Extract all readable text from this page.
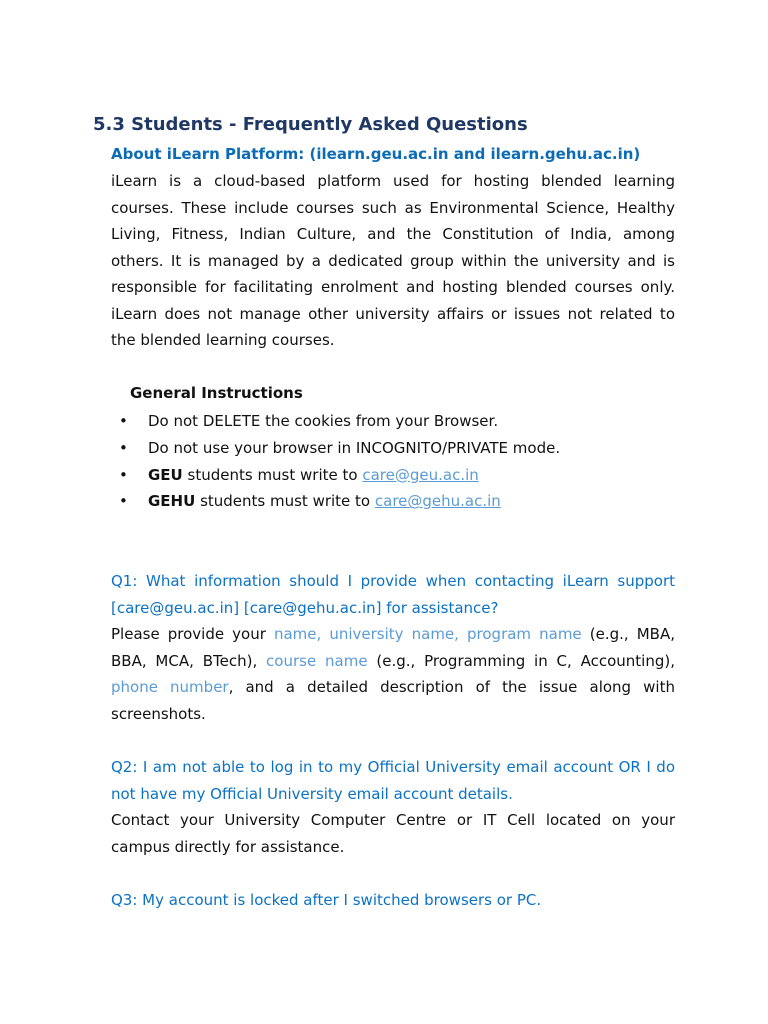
5.3 Students - Frequently Asked Questions
About iLearn Platform: (ilearn.geu.ac.in and ilearn.gehu.ac.in)

iLearn is a cloud-based platform used for hosting blended learning courses. These include courses such as Environmental Science, Healthy Living, Fitness, Indian Culture, and the Constitution of India, among others. It is managed by a dedicated group within the university and is responsible for facilitating enrolment and hosting blended courses only. iLearn does not manage other university affairs or issues not related to the blended learning courses.

General Instructions
• Do not DELETE the cookies from your Browser.
• Do not use your browser in INCOGNITO/PRIVATE mode.
• GEU students must write to care@geu.ac.in
• GEHU students must write to care@gehu.ac.in

Q1: What information should I provide when contacting iLearn support [care@geu.ac.in] [care@gehu.ac.in] for assistance?

Please provide your name, university name, program name (e.g., MBA, BBA, MCA, BTech), course name (e.g., Programming in C, Accounting), phone number, and a detailed description of the issue along with screenshots.

Q2: I am not able to log in to my Official University email account OR I do not have my Official University email account details.

Contact your University Computer Centre or IT Cell located on your campus directly for assistance.

Q3: My account is locked after I switched browsers or PC.
